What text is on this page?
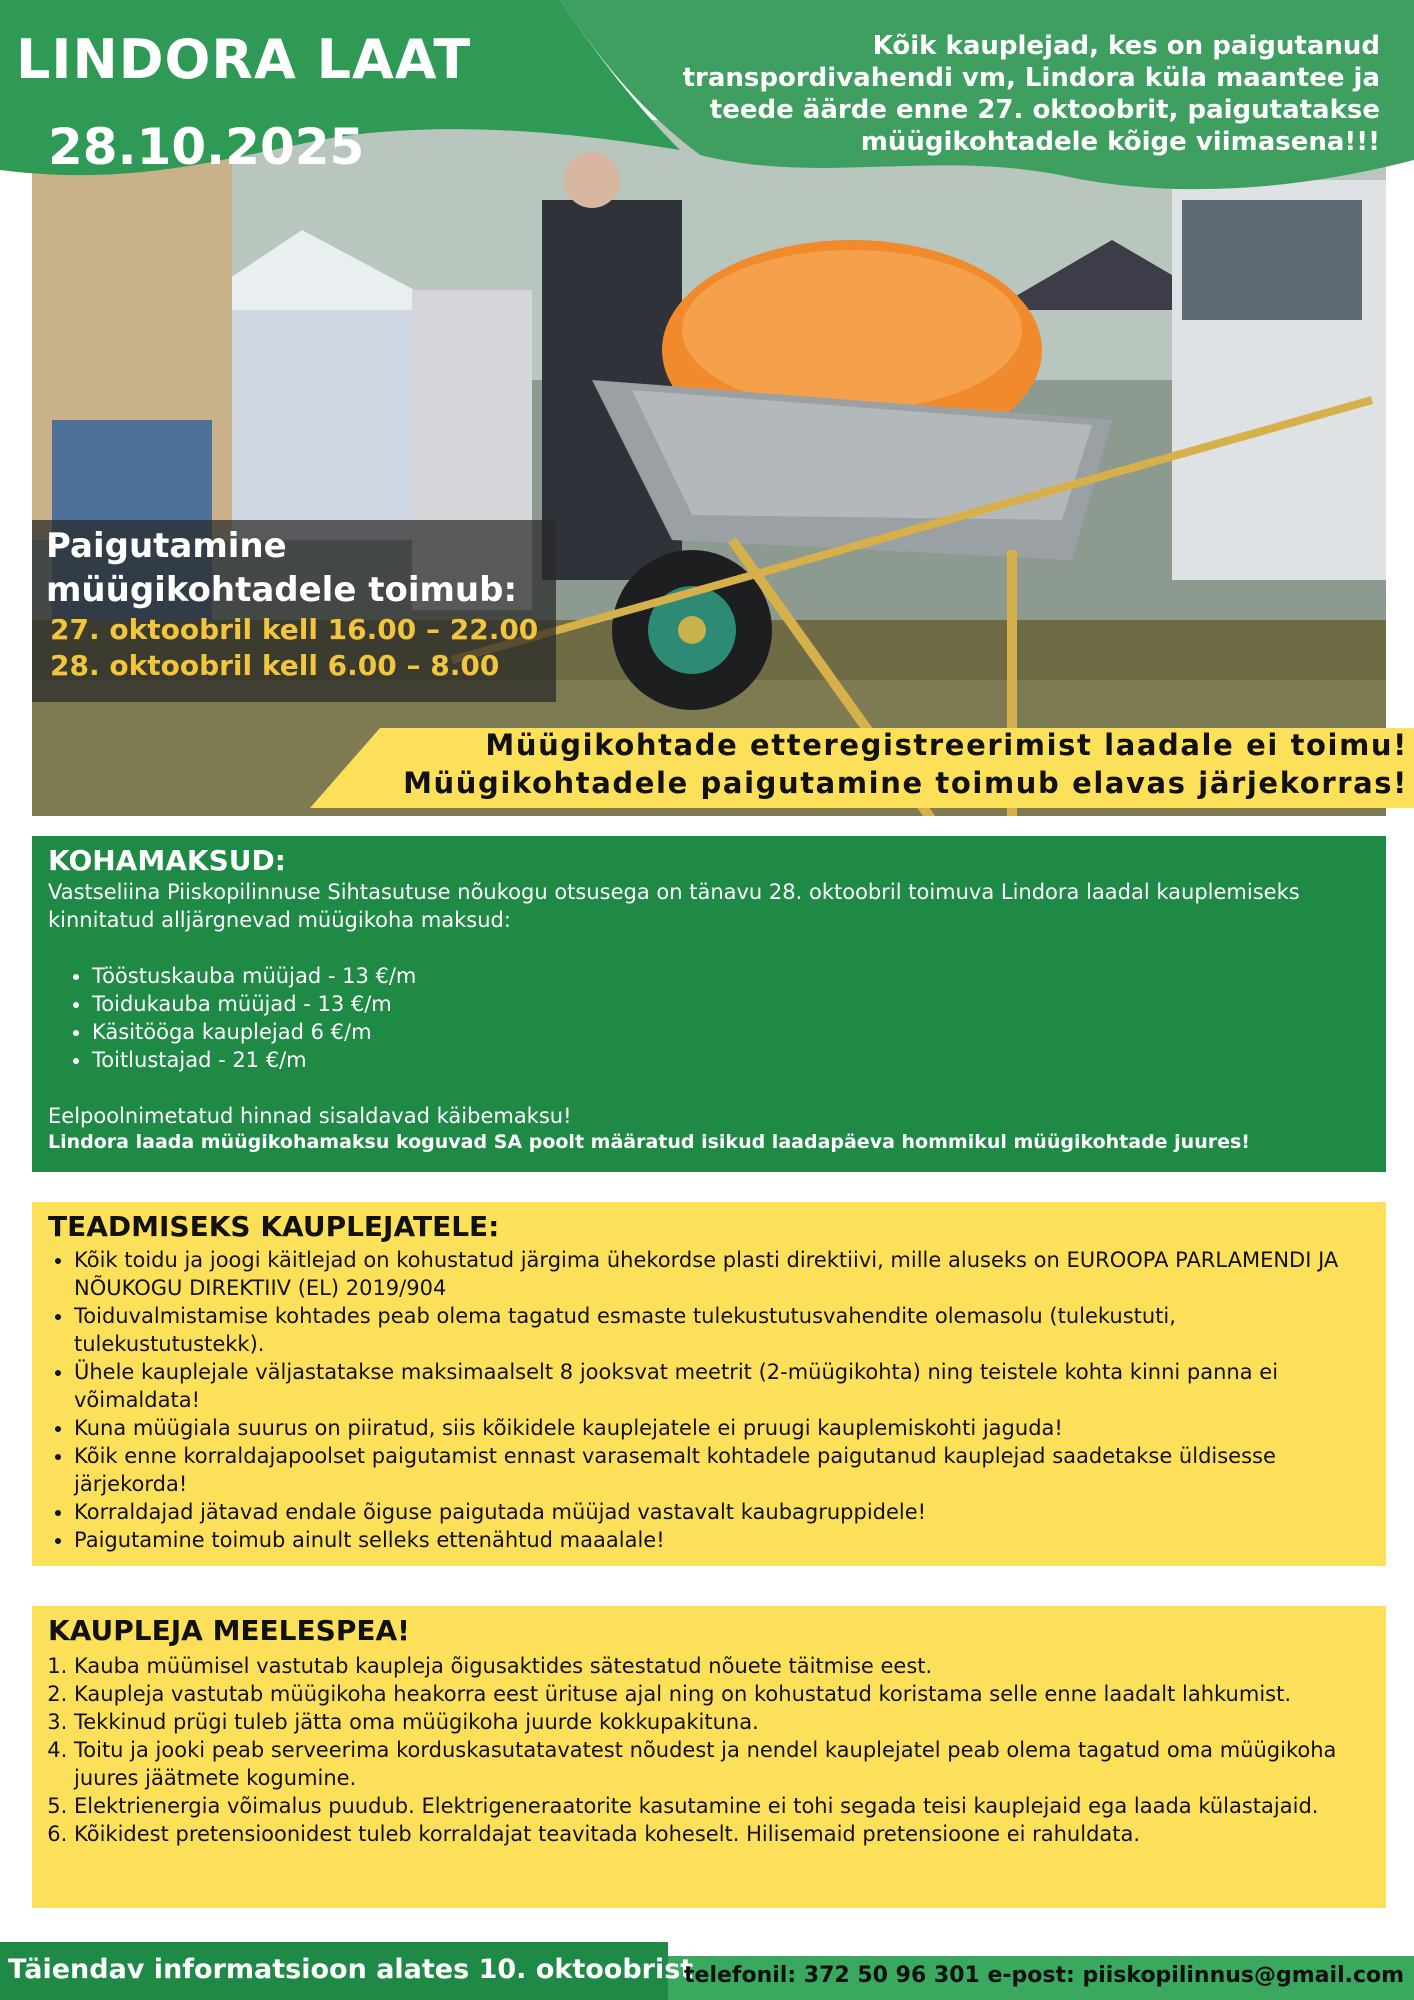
LINDORA LAAT
28.10.2025
Kõik kauplejad, kes on paigutanud transpordivahendi vm, Lindora küla maantee ja teede äärde enne 27. oktoobrit, paigutatakse müügikohtadele kõige viimasena!!!
Paigutamine
müügikohtadele toimub:
27. oktoobril kell 16.00 – 22.00
28. oktoobril kell 6.00 – 8.00
Müügikohtade etteregistreerimist laadale ei toimu!
Müügikohtadele paigutamine toimub elavas järjekorras!
KOHAMAKSUD:

Vastseliina Piiskopilinnuse Sihtasutuse nõukogu otsusega on tänavu 28. oktoobril toimuva Lindora laadal kauplemiseks kinnitatud alljärgnevad müügikoha maksud:

• Tööstuskauba müüjad - 13 €/m
• Toidukauba müüjad - 13 €/m
• Käsitööga kauplejad 6 €/m
• Toitlustajad - 21 €/m

Eelpoolnimetatud hinnad sisaldavad käibemaksu!

Lindora laada müügikohamaksu koguvad SA poolt määratud isikud laadapäeva hommikul müügikohtade juures!

TEADMISEKS KAUPLEJATELE:
• Kõik toidu ja joogi käitlejad on kohustatud järgima ühekordse plasti direktiivi, mille aluseks on EUROOPA PARLAMENDI JA NÕUKOGU DIREKTIIV (EL) 2019/904
• Toiduvalmistamise kohtades peab olema tagatud esmaste tulekustutusvahendite olemasolu (tulekustuti, tulekustutustekk).
• Ühele kauplejale väljastatakse maksimaalselt 8 jooksvat meetrit (2-müügikohta) ning teistele kohta kinni panna ei võimaldata!
• Kuna müügiala suurus on piiratud, siis kõikidele kauplejatele ei pruugi kauplemiskohti jaguda!
• Kõik enne korraldajapoolset paigutamist ennast varasemalt kohtadele paigutanud kauplejad saadetakse üldisesse järjekorda!
• Korraldajad jätavad endale õiguse paigutada müüjad vastavalt kaubagruppidele!
• Paigutamine toimub ainult selleks ettenähtud maaalale!
KAUPLEJA MEELESPEA!
1. Kauba müümisel vastutab kaupleja õigusaktides sätestatud nõuete täitmise eest.
2. Kaupleja vastutab müügikoha heakorra eest ürituse ajal ning on kohustatud koristama selle enne laadalt lahkumist.
3. Tekkinud prügi tuleb jätta oma müügikoha juurde kokkupakituna.
4. Toitu ja jooki peab serveerima korduskasutatavatest nõudest ja nendel kauplejatel peab olema tagatud oma müügikoha juures jäätmete kogumine.
5. Elektrienergia võimalus puudub. Elektrigeneraatorite kasutamine ei tohi segada teisi kauplejaid ega laada külastajaid.
6. Kõikidest pretensioonidest tuleb korraldajat teavitada koheselt. Hilisemaid pretensioone ei rahuldata.
Täiendav informatsioon alates 10. oktoobrist
telefonil: 372 50 96 301 e-post: piiskopilinnus@gmail.com
